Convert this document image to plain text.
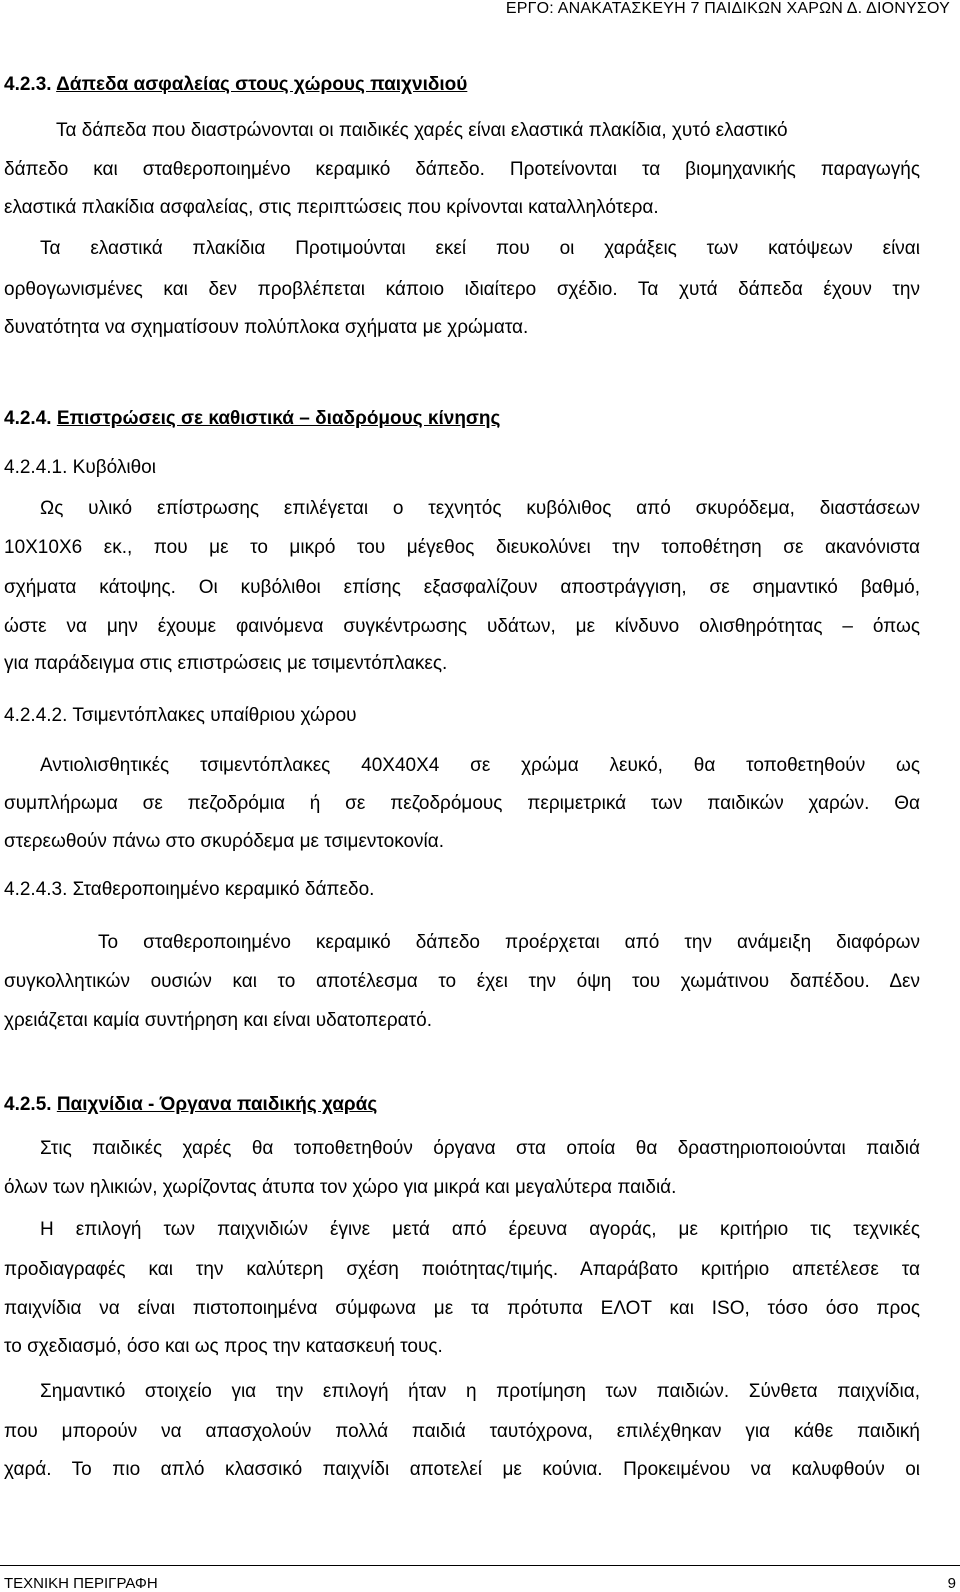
ΕΡΓΟ: ΑΝΑΚΑΤΑΣΚΕΥΗ 7 ΠΑΙΔΙΚΩΝ ΧΑΡΩΝ Δ. ΔΙΟΝΥΣΟΥ
4.2.3. Δάπεδα ασφαλείας στους χώρους παιχνιδιού
Τα δάπεδα που διαστρώνονται οι παιδικές χαρές είναι ελαστικά πλακίδια, χυτό ελαστικό
δάπεδο και σταθεροποιημένο κεραμικό δάπεδο. Προτείνονται τα βιομηχανικής παραγωγής
ελαστικά πλακίδια ασφαλείας, στις περιπτώσεις που κρίνονται καταλληλότερα.
Τα ελαστικά πλακίδια Προτιμούνται εκεί που οι χαράξεις των κατόψεων είναι
ορθογωνισμένες και δεν προβλέπεται κάποιο ιδιαίτερο σχέδιο. Τα χυτά δάπεδα έχουν την
δυνατότητα να σχηματίσουν πολύπλοκα σχήματα με χρώματα.
4.2.4. Επιστρώσεις σε καθιστικά – διαδρόμους κίνησης
4.2.4.1. Κυβόλιθοι
Ως υλικό επίστρωσης επιλέγεται ο τεχνητός κυβόλιθος από σκυρόδεμα, διαστάσεων
10Χ10Χ6 εκ., που με το μικρό του μέγεθος διευκολύνει την τοποθέτηση σε ακανόνιστα
σχήματα κάτοψης. Οι κυβόλιθοι επίσης εξασφαλίζουν αποστράγγιση, σε σημαντικό βαθμό,
ώστε να μην έχουμε φαινόμενα συγκέντρωσης υδάτων, με κίνδυνο ολισθηρότητας – όπως
για παράδειγμα στις επιστρώσεις με τσιμεντόπλακες.
4.2.4.2. Τσιμεντόπλακες υπαίθριου χώρου
Αντιολισθητικές τσιμεντόπλακες 40Χ40Χ4 σε χρώμα λευκό, θα τοποθετηθούν ως
συμπλήρωμα σε πεζοδρόμια ή σε πεζοδρόμους περιμετρικά των παιδικών χαρών. Θα
στερεωθούν πάνω στο σκυρόδεμα με τσιμεντοκονία.
4.2.4.3. Σταθεροποιημένο κεραμικό δάπεδο.
Το σταθεροποιημένο κεραμικό δάπεδο προέρχεται από την ανάμειξη διαφόρων
συγκολλητικών ουσιών και το αποτέλεσμα το έχει την όψη του χωμάτινου δαπέδου. Δεν
χρειάζεται καμία συντήρηση και είναι υδατοπερατό.
4.2.5. Παιχνίδια - Όργανα παιδικής χαράς
Στις παιδικές χαρές θα τοποθετηθούν όργανα στα οποία θα δραστηριοποιούνται παιδιά
όλων των ηλικιών, χωρίζοντας άτυπα τον χώρο για μικρά και μεγαλύτερα παιδιά.
Η επιλογή των παιχνιδιών έγινε μετά από έρευνα αγοράς, με κριτήριο τις τεχνικές
προδιαγραφές και την καλύτερη σχέση ποιότητας/τιμής. Απαράβατο κριτήριο απετέλεσε τα
παιχνίδια να είναι πιστοποιημένα σύμφωνα με τα πρότυπα ΕΛΟΤ και ISO, τόσο όσο προς
το σχεδιασμό, όσο και ως προς την κατασκευή τους.
Σημαντικό στοιχείο για την επιλογή ήταν η προτίμηση των παιδιών. Σύνθετα παιχνίδια,
που μπορούν να απασχολούν πολλά παιδιά ταυτόχρονα, επιλέχθηκαν για κάθε παιδική
χαρά. Το πιο απλό κλασσικό παιχνίδι αποτελεί με κούνια. Προκειμένου να καλυφθούν οι
ΤΕΧΝΙΚΗ ΠΕΡΙΓΡΑΦΗ	9
